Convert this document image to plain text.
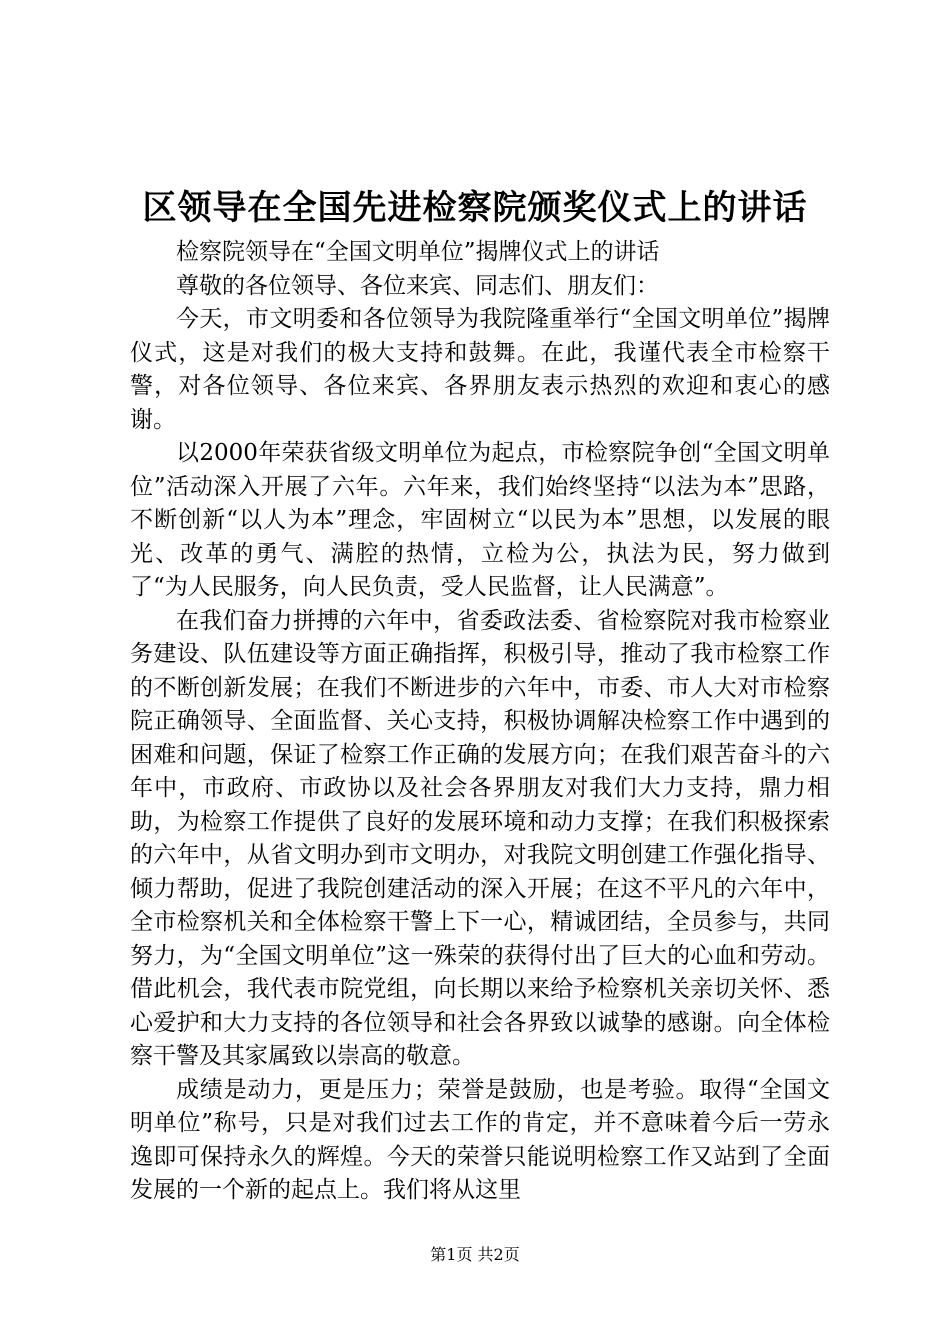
区领导在全国先进检察院颁奖仪式上的讲话

检察院领导在“全国文明单位”揭牌仪式上的讲话

尊敬的各位领导、各位来宾、同志们、朋友们：

今天，市文明委和各位领导为我院隆重举行“全国文明单位”揭牌仪式，这是对我们的极大支持和鼓舞。在此，我谨代表全市检察干警，对各位领导、各位来宾、各界朋友表示热烈的欢迎和衷心的感谢。

以2000年荣获省级文明单位为起点，市检察院争创“全国文明单位”活动深入开展了六年。六年来，我们始终坚持“以法为本”思路，不断创新“以人为本”理念，牢固树立“以民为本”思想，以发展的眼光、改革的勇气、满腔的热情，立检为公，执法为民，努力做到了“为人民服务，向人民负责，受人民监督，让人民满意”。

在我们奋力拼搏的六年中，省委政法委、省检察院对我市检察业务建设、队伍建设等方面正确指挥，积极引导，推动了我市检察工作的不断创新发展；在我们不断进步的六年中，市委、市人大对市检察院正确领导、全面监督、关心支持，积极协调解决检察工作中遇到的困难和问题，保证了检察工作正确的发展方向；在我们艰苦奋斗的六年中，市政府、市政协以及社会各界朋友对我们大力支持，鼎力相助，为检察工作提供了良好的发展环境和动力支撑；在我们积极探索的六年中，从省文明办到市文明办，对我院文明创建工作强化指导、倾力帮助，促进了我院创建活动的深入开展；在这不平凡的六年中，全市检察机关和全体检察干警上下一心，精诚团结，全员参与，共同努力，为“全国文明单位”这一殊荣的获得付出了巨大的心血和劳动。借此机会，我代表市院党组，向长期以来给予检察机关亲切关怀、悉心爱护和大力支持的各位领导和社会各界致以诚挚的感谢。向全体检察干警及其家属致以崇高的敬意。

成绩是动力，更是压力；荣誉是鼓励，也是考验。取得“全国文明单位”称号，只是对我们过去工作的肯定，并不意味着今后一劳永逸即可保持永久的辉煌。今天的荣誉只能说明检察工作又站到了全面发展的一个新的起点上。我们将从这里

第1页 共2页
